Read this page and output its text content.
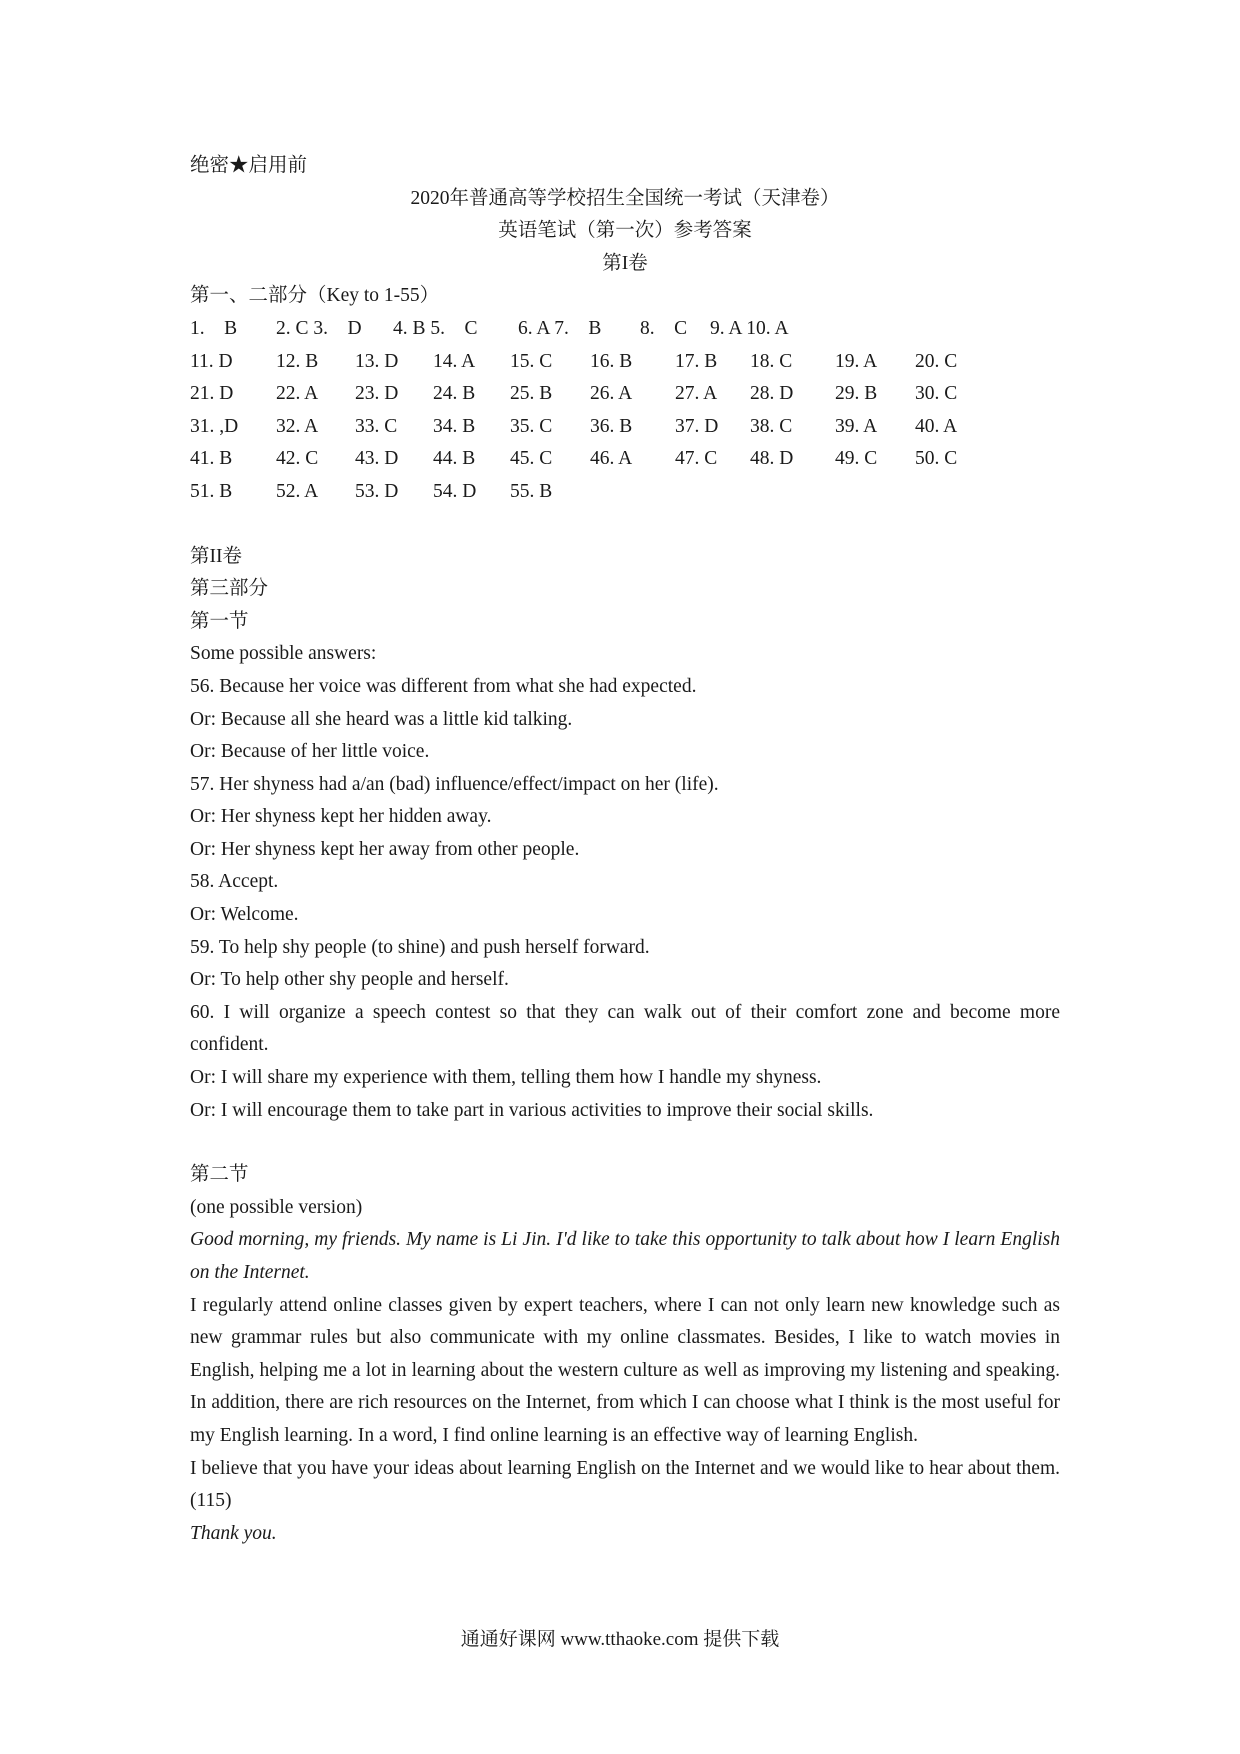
绝密★启用前
2020年普通高等学校招生全国统一考试（天津卷）
英语笔试（第一次）参考答案
第I卷
第一、二部分（Key to 1-55）
1.　B 2. C 3.　D 4. B 5.　C 6. A 7.　B 8.　C 9. A 10. A
11. D 12. B 13. D 14. A 15. C 16. B 17. B 18. C 19. A 20. C
21. D 22. A 23. D 24. B 25. B 26. A 27. A 28. D 29. B 30. C
31. ,D 32. A 33. C 34. B 35. C 36. B 37. D 38. C 39. A 40. A
41. B 42. C 43. D 44. B 45. C 46. A 47. C 48. D 49. C 50. C
51. B 52. A 53. D 54. D 55. B
第II卷
第三部分
第一节
Some possible answers:
56. Because her voice was different from what she had expected.
Or: Because all she heard was a little kid talking.
Or: Because of her little voice.
57. Her shyness had a/an (bad) influence/effect/impact on her (life).
Or: Her shyness kept her hidden away.
Or: Her shyness kept her away from other people.
58. Accept.
Or: Welcome.
59. To help shy people (to shine) and push herself forward.
Or: To help other shy people and herself.
60. I will organize a speech contest so that they can walk out of their comfort zone and become more confident.
Or: I will share my experience with them, telling them how I handle my shyness.
Or: I will encourage them to take part in various activities to improve their social skills.
第二节
(one possible version)
Good morning, my friends. My name is Li Jin. I'd like to take this opportunity to talk about how I learn English on the Internet.
I regularly attend online classes given by expert teachers, where I can not only learn new knowledge such as new grammar rules but also communicate with my online classmates. Besides, I like to watch movies in English, helping me a lot in learning about the western culture as well as improving my listening and speaking. In addition, there are rich resources on the Internet, from which I can choose what I think is the most useful for my English learning. In a word, I find online learning is an effective way of learning English.
I believe that you have your ideas about learning English on the Internet and we would like to hear about them.(115)
Thank you.
通通好课网 www.tthaoke.com 提供下载
